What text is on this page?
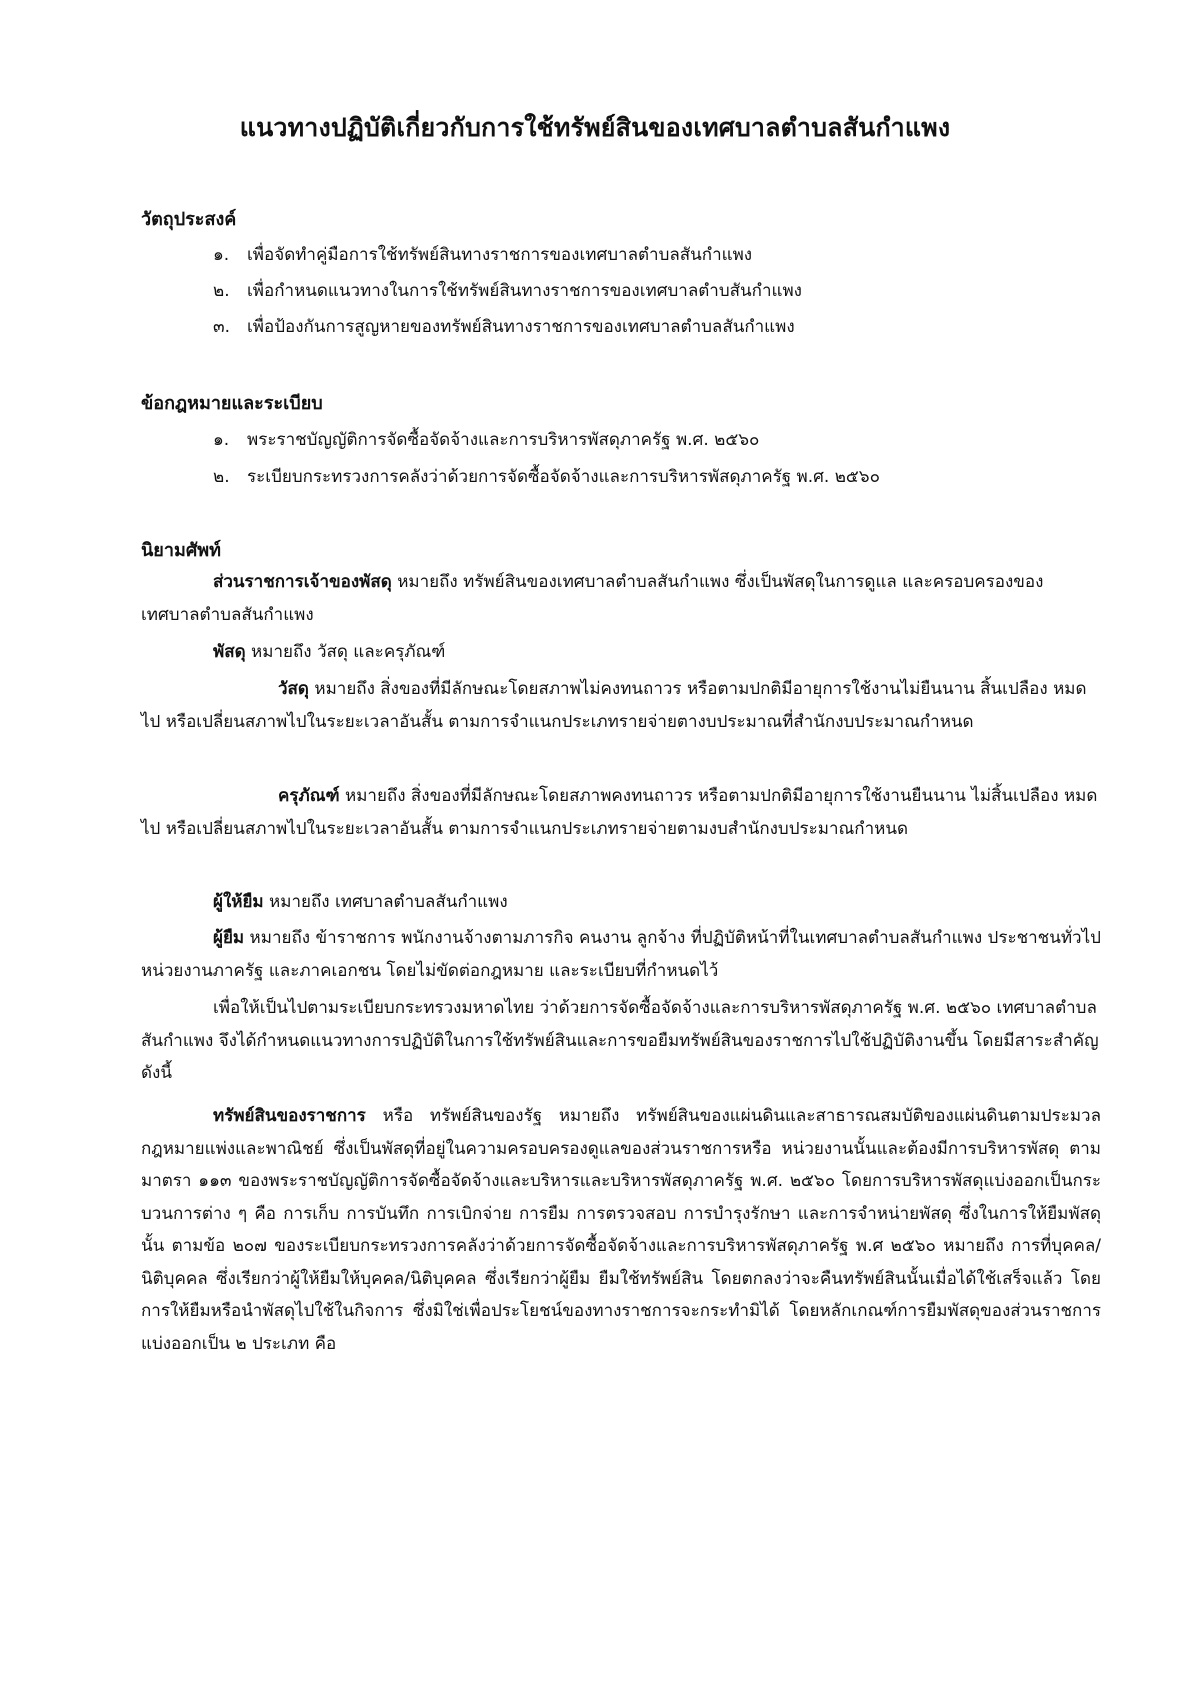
แนวทางปฏิบัติเกี่ยวกับการใช้ทรัพย์สินของเทศบาลตำบลสันกำแพง
วัตถุประสงค์
๑. เพื่อจัดทำคู่มือการใช้ทรัพย์สินทางราชการของเทศบาลตำบลสันกำแพง
๒. เพื่อกำหนดแนวทางในการใช้ทรัพย์สินทางราชการของเทศบาลตำบสันกำแพง
๓. เพื่อป้องกันการสูญหายของทรัพย์สินทางราชการของเทศบาลตำบลสันกำแพง
ข้อกฎหมายและระเบียบ
๑. พระราชบัญญัติการจัดซื้อจัดจ้างและการบริหารพัสดุภาครัฐ พ.ศ. ๒๕๖๐
๒. ระเบียบกระทรวงการคลังว่าด้วยการจัดซื้อจัดจ้างและการบริหารพัสดุภาครัฐ พ.ศ. ๒๕๖๐
นิยามศัพท์
ส่วนราชการเจ้าของพัสดุ หมายถึง ทรัพย์สินของเทศบาลตำบลสันกำแพง ซึ่งเป็นพัสดุในการดูแล และครอบครองของเทศบาลตำบลสันกำแพง
พัสดุ หมายถึง วัสดุ และครุภัณฑ์
วัสดุ หมายถึง สิ่งของที่มีลักษณะโดยสภาพไม่คงทนถาวร หรือตามปกติมีอายุการใช้งานไม่ยืนนาน สิ้นเปลือง หมดไป หรือเปลี่ยนสภาพไปในระยะเวลาอันสั้น ตามการจำแนกประเภทรายจ่ายตางบประมาณที่สำนักงบประมาณกำหนด
ครุภัณฑ์ หมายถึง สิ่งของที่มีลักษณะโดยสภาพคงทนถาวร หรือตามปกติมีอายุการใช้งานยืนนาน ไม่สิ้นเปลือง หมดไป หรือเปลี่ยนสภาพไปในระยะเวลาอันสั้น ตามการจำแนกประเภทรายจ่ายตามงบสำนักงบประมาณกำหนด
ผู้ให้ยืม หมายถึง เทศบาลตำบลสันกำแพง
ผู้ยืม หมายถึง ข้าราชการ พนักงานจ้างตามภารกิจ คนงาน ลูกจ้าง ที่ปฏิบัติหน้าที่ในเทศบาลตำบลสันกำแพง ประชาชนทั่วไป หน่วยงานภาครัฐ และภาคเอกชน โดยไม่ขัดต่อกฎหมาย และระเบียบที่กำหนดไว้
เพื่อให้เป็นไปตามระเบียบกระทรวงมหาดไทย ว่าด้วยการจัดซื้อจัดจ้างและการบริหารพัสดุภาครัฐ พ.ศ. ๒๕๖๐ เทศบาลตำบลสันกำแพง จึงได้กำหนดแนวทางการปฏิบัติในการใช้ทรัพย์สินและการขอยืมทรัพย์สินของราชการไปใช้ปฏิบัติงานขึ้น โดยมีสาระสำคัญ ดังนี้
ทรัพย์สินของราชการ หรือ ทรัพย์สินของรัฐ หมายถึง ทรัพย์สินของแผ่นดินและสาธารณสมบัติของแผ่นดินตามประมวลกฎหมายแพ่งและพาณิชย์ ซึ่งเป็นพัสดุที่อยู่ในความครอบครองดูแลของส่วนราชการหรือ หน่วยงานนั้นและต้องมีการบริหารพัสดุ ตามมาตรา ๑๑๓ ของพระราชบัญญัติการจัดซื้อจัดจ้างและบริหารและบริหารพัสดุภาครัฐ พ.ศ. ๒๕๖๐ โดยการบริหารพัสดุแบ่งออกเป็นกระบวนการต่าง ๆ คือ การเก็บ การบันทึก การเบิกจ่าย การยืม การตรวจสอบ การบำรุงรักษา และการจำหน่ายพัสดุ ซึ่งในการให้ยืมพัสดุนั้น ตามข้อ ๒๐๗ ของระเบียบกระทรวงการคลังว่าด้วยการจัดซื้อจัดจ้างและการบริหารพัสดุภาครัฐ พ.ศ ๒๕๖๐ หมายถึง การที่บุคคล/นิติบุคคล ซึ่งเรียกว่าผู้ให้ยืมให้บุคคล/นิติบุคคล ซึ่งเรียกว่าผู้ยืม ยืมใช้ทรัพย์สิน โดยตกลงว่าจะคืนทรัพย์สินนั้นเมื่อได้ใช้เสร็จแล้ว โดยการให้ยืมหรือนำพัสดุไปใช้ในกิจการ ซึ่งมิใช่เพื่อประโยชน์ของทางราชการจะกระทำมิได้ โดยหลักเกณฑ์การยืมพัสดุของส่วนราชการแบ่งออกเป็น ๒ ประเภท คือ
